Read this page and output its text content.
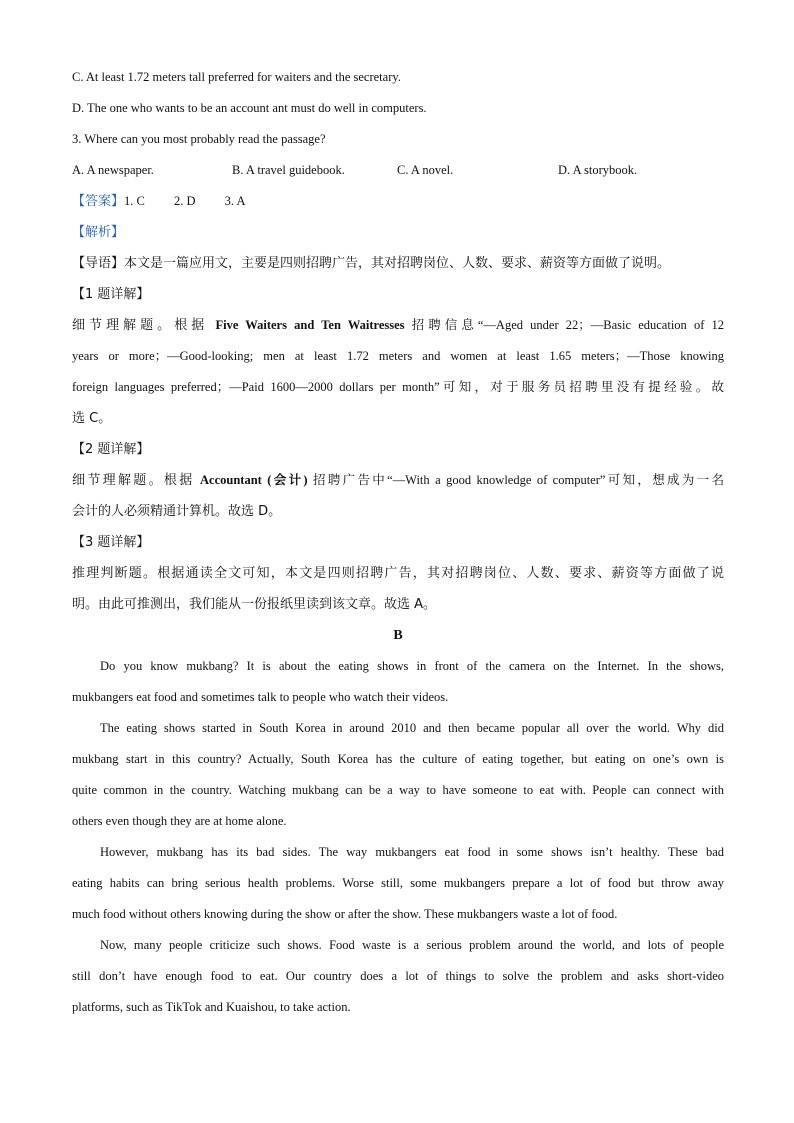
C. At least 1.72 meters tall preferred for waiters and the secretary.

D. The one who wants to be an account ant must do well in computers.

3. Where can you most probably read the passage?

A. A newspaper.	B. A travel guidebook.	C. A novel.	D. A storybook.
【答案】 1. C 2. D 3. A

【解析】

【导语】本文是一篇应用文，主要是四则招聘广告，其对招聘岗位、人数、要求、薪资等方面做了说明。

【1 题详解】

细节理解题。根据 Five Waiters and Ten Waitresses 招聘信息“—Aged under 22；—Basic education of 12

years or more；—Good-looking; men at least 1.72 meters and women at least 1.65 meters；—Those knowing

foreign languages preferred；—Paid 1600—2000 dollars per month”可知，对于服务员招聘里没有提经验。故

选 C。

【2 题详解】

细节理解题。根据 Accountant (会计) 招聘广告中“—With a good knowledge of computer”可知，想成为一名

会计的人必须精通计算机。故选 D。

【3 题详解】

推理判断题。根据通读全文可知，本文是四则招聘广告，其对招聘岗位、人数、要求、薪资等方面做了说

明。由此可推测出，我们能从一份报纸里读到该文章。故选 A。

B

Do you know mukbang? It is about the eating shows in front of the camera on the Internet. In the shows,

mukbangers eat food and sometimes talk to people who watch their videos.

The eating shows started in South Korea in around 2010 and then became popular all over the world. Why did

mukbang start in this country? Actually, South Korea has the culture of eating together, but eating on one’s own is

quite common in the country. Watching mukbang can be a way to have someone to eat with. People can connect with

others even though they are at home alone.

However, mukbang has its bad sides. The way mukbangers eat food in some shows isn’t healthy. These bad

eating habits can bring serious health problems. Worse still, some mukbangers prepare a lot of food but throw away

much food without others knowing during the show or after the show. These mukbangers waste a lot of food.

Now, many people criticize such shows. Food waste is a serious problem around the world, and lots of people

still don’t have enough food to eat. Our country does a lot of things to solve the problem and asks short-video

platforms, such as TikTok and Kuaishou, to take action.
